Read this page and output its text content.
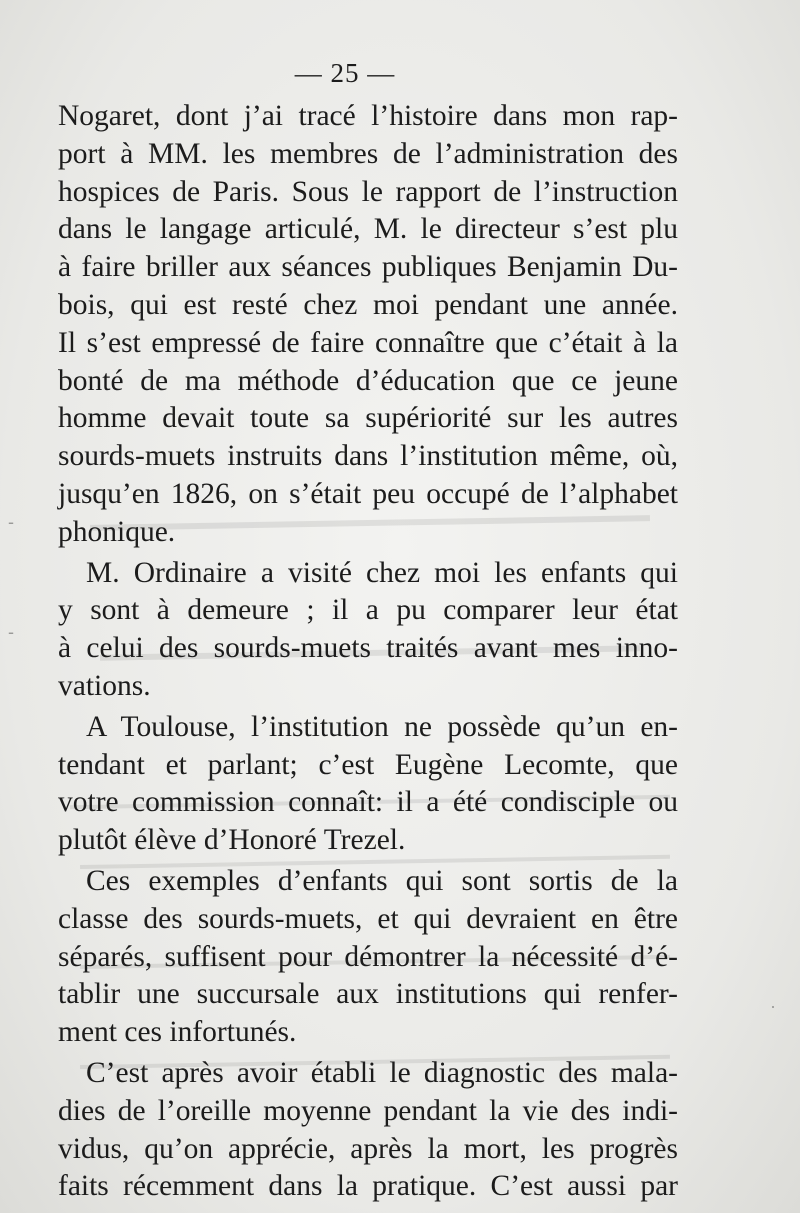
-
-
·
— 25 —
Nogaret, dont j’ai tracé l’histoire dans mon rap-
port à MM. les membres de l’administration des
hospices de Paris. Sous le rapport de l’instruction
dans le langage articulé, M. le directeur s’est plu
à faire briller aux séances publiques Benjamin Du-
bois, qui est resté chez moi pendant une année.
Il s’est empressé de faire connaître que c’était à la
bonté de ma méthode d’éducation que ce jeune
homme devait toute sa supériorité sur les autres
sourds-muets instruits dans l’institution même, où,
jusqu’en 1826, on s’était peu occupé de l’alphabet
phonique.
M. Ordinaire a visité chez moi les enfants qui
y sont à demeure ; il a pu comparer leur état
à celui des sourds-muets traités avant mes inno-
vations.
A Toulouse, l’institution ne possède qu’un en-
tendant et parlant; c’est Eugène Lecomte, que
votre commission connaît: il a été condisciple ou
plutôt élève d’Honoré Trezel.
Ces exemples d’enfants qui sont sortis de la
classe des sourds-muets, et qui devraient en être
séparés, suffisent pour démontrer la nécessité d’é-
tablir une succursale aux institutions qui renfer-
ment ces infortunés.
C’est après avoir établi le diagnostic des mala-
dies de l’oreille moyenne pendant la vie des indi-
vidus, qu’on apprécie, après la mort, les progrès
faits récemment dans la pratique. C’est aussi par
